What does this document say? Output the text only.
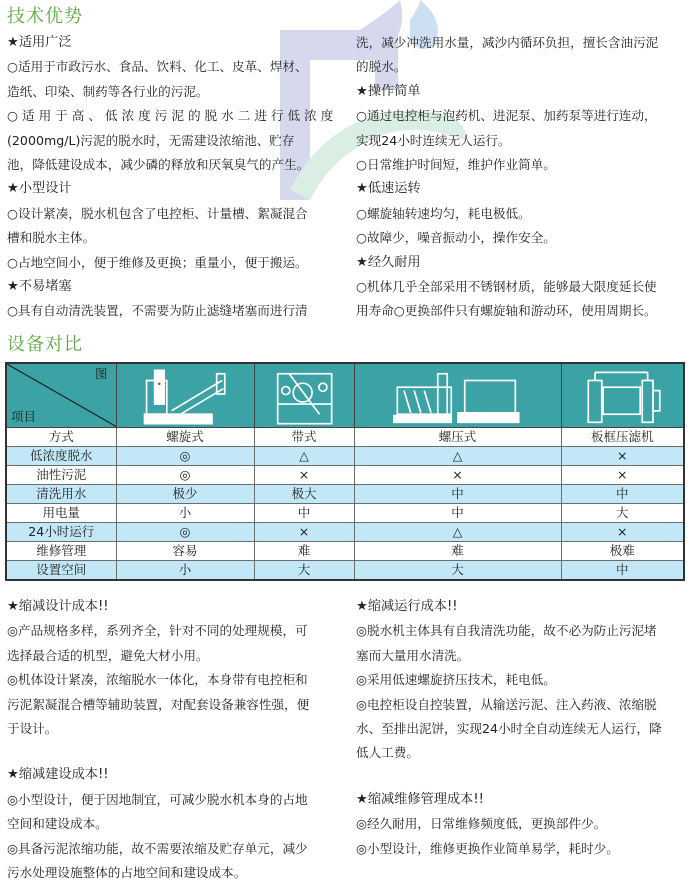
技术优势
★适用广泛
○适用于市政污水、食品、饮料、化工、皮革、焊材、
造纸、印染、制药等各行业的污泥。
○ 适 用 于 高 、 低 浓 度 污 泥 的 脱 水 二 进 行 低 浓 度
(2000mg/L)污泥的脱水时，无需建设浓缩池、贮存
池，降低建设成本，减少磷的释放和厌氧臭气的产生。
★小型设计
○设计紧凑，脱水机包含了电控柜、计量槽、絮凝混合
槽和脱水主体。
○占地空间小，便于维修及更换；重量小，便于搬运。
★不易堵塞
○具有自动清洗装置，不需要为防止滤缝堵塞而进行清
洗，减少冲洗用水量，减沙内循环负担，擅长含油污泥
的脱水。
★操作简单
○通过电控柜与泡药机、进泥泵、加药泵等进行连动，
实现24小时连续无人运行。
○日常维护时间短，维护作业简单。
★低速运转
○螺旋轴转速均匀，耗电极低。
○故障少，噪音振动小，操作安全。
★经久耐用
○机体几乎全部采用不锈钢材质，能够最大限度延长使
用寿命○更换部件只有螺旋轴和游动环，使用周期长。
设备对比
图
项目

方式	螺旋式	带式	螺压式	板框压滤机
低浓度脱水	◎	△	△	×
油性污泥	◎	×	×	×
清洗用水	极少	极大	中	中
用电量	小	中	中	大
24小时运行	◎	×	△	×
维修管理	容易	难	难	极难
设置空间	小	大	大	中
★缩减设计成本!!
◎产品规格多样，系列齐全，针对不同的处理规模，可
选择最合适的机型，避免大材小用。
◎机体设计紧凑，浓缩脱水一体化，本身带有电控柜和
污泥絮凝混合槽等辅助装置，对配套设备兼容性强，便
于设计。
★缩减建设成本!!
◎小型设计，便于因地制宜，可减少脱水机本身的占地
空间和建设成本。
◎具备污泥浓缩功能，故不需要浓缩及贮存单元，减少
污水处理设施整体的占地空间和建设成本。
★缩减运行成本!!
◎脱水机主体具有自我清洗功能，故不必为防止污泥堵
塞而大量用水清洗。
◎采用低速螺旋挤压技术，耗电低。
◎电控柜设自控装置，从输送污泥、注入药液、浓缩脱
水、至排出泥饼，实现24小时全自动连续无人运行，降
低人工费。
★缩减维修管理成本!!
◎经久耐用，日常维修频度低，更换部件少。
◎小型设计，维修更换作业简单易学，耗时少。
